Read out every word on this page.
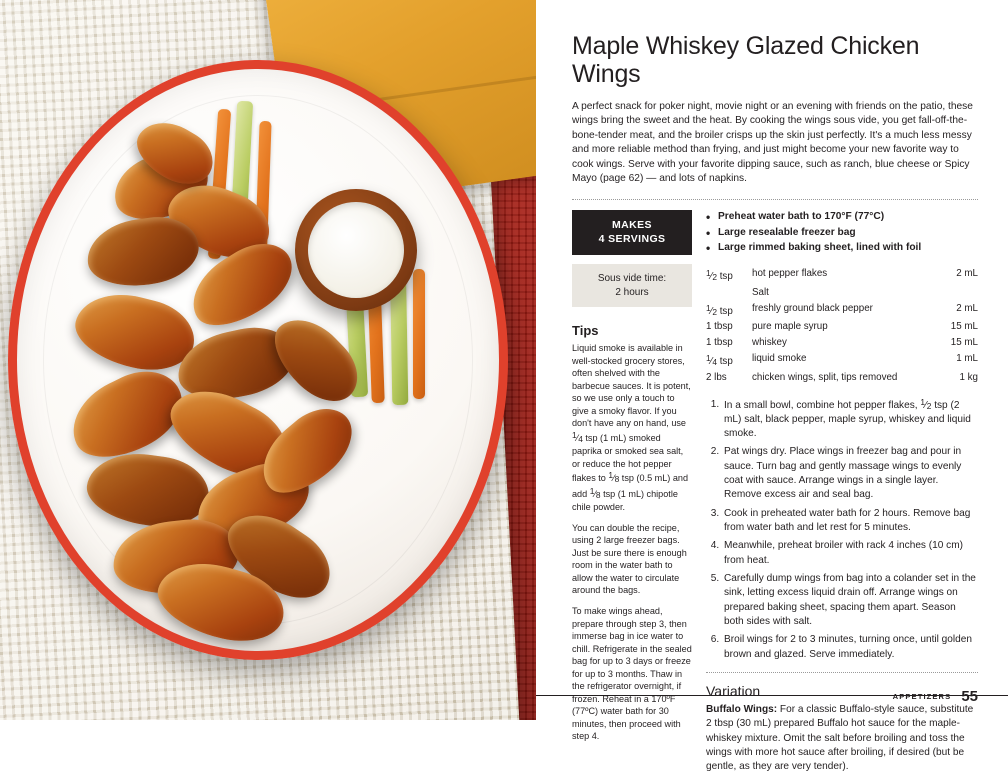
Maple Whiskey Glazed Chicken Wings

A perfect snack for poker night, movie night or an evening with friends on the patio, these wings bring the sweet and the heat. By cooking the wings sous vide, you get fall-off-the-bone-tender meat, and the broiler crisps up the skin just perfectly. It's a much less messy and more reliable method than frying, and just might become your new favorite way to cook wings. Serve with your favorite dipping sauce, such as ranch, blue cheese or Spicy Mayo (page 62) — and lots of napkins.

MAKES
4 SERVINGS
Sous vide time:
2 hours
Tips

Liquid smoke is available in well-stocked grocery stores, often shelved with the barbecue sauces. It is potent, so we use only a touch to give a smoky flavor. If you don't have any on hand, use 1⁄4 tsp (1 mL) smoked paprika or smoked sea salt, or reduce the hot pepper flakes to 1⁄8 tsp (0.5 mL) and add 1⁄8 tsp (1 mL) chipotle chile powder.

You can double the recipe, using 2 large freezer bags. Just be sure there is enough room in the water bath to allow the water to circulate around the bags.

To make wings ahead, prepare through step 3, then immerse bag in ice water to chill. Refrigerate in the sealed bag for up to 3 days or freeze for up to 3 months. Thaw in the refrigerator overnight, if frozen. Reheat in a 170ºF (77ºC) water bath for 30 minutes, then proceed with step 4.

• Preheat water bath to 170°F (77°C)
• Large resealable freezer bag
• Large rimmed baking sheet, lined with foil
1⁄2 tsp	hot pepper flakes	2 mL
	Salt	
1⁄2 tsp	freshly ground black pepper	2 mL
1 tbsp	pure maple syrup	15 mL
1 tbsp	whiskey	15 mL
1⁄4 tsp	liquid smoke	1 mL
2 lbs	chicken wings, split, tips removed	1 kg
1. In a small bowl, combine hot pepper flakes, $^1$⁄2 tsp (2 mL) salt, black pepper, maple syrup, whiskey and liquid smoke.
2. Pat wings dry. Place wings in freezer bag and pour in sauce. Turn bag and gently massage wings to evenly coat with sauce. Arrange wings in a single layer. Remove excess air and seal bag.
3. Cook in preheated water bath for 2 hours. Remove bag from water bath and let rest for 5 minutes.
4. Meanwhile, preheat broiler with rack 4 inches (10 cm) from heat.
5. Carefully dump wings from bag into a colander set in the sink, letting excess liquid drain off. Arrange wings on prepared baking sheet, spacing them apart. Season both sides with salt.
6. Broil wings for 2 to 3 minutes, turning once, until golden brown and glazed. Serve immediately.
Variation

Buffalo Wings: For a classic Buffalo-style sauce, substitute 2 tbsp (30 mL) prepared Buffalo hot sauce for the maple-whiskey mixture. Omit the salt before broiling and toss the wings with more hot sauce after broiling, if desired (but be gentle, as they are very tender).

APPETIZERS 55
